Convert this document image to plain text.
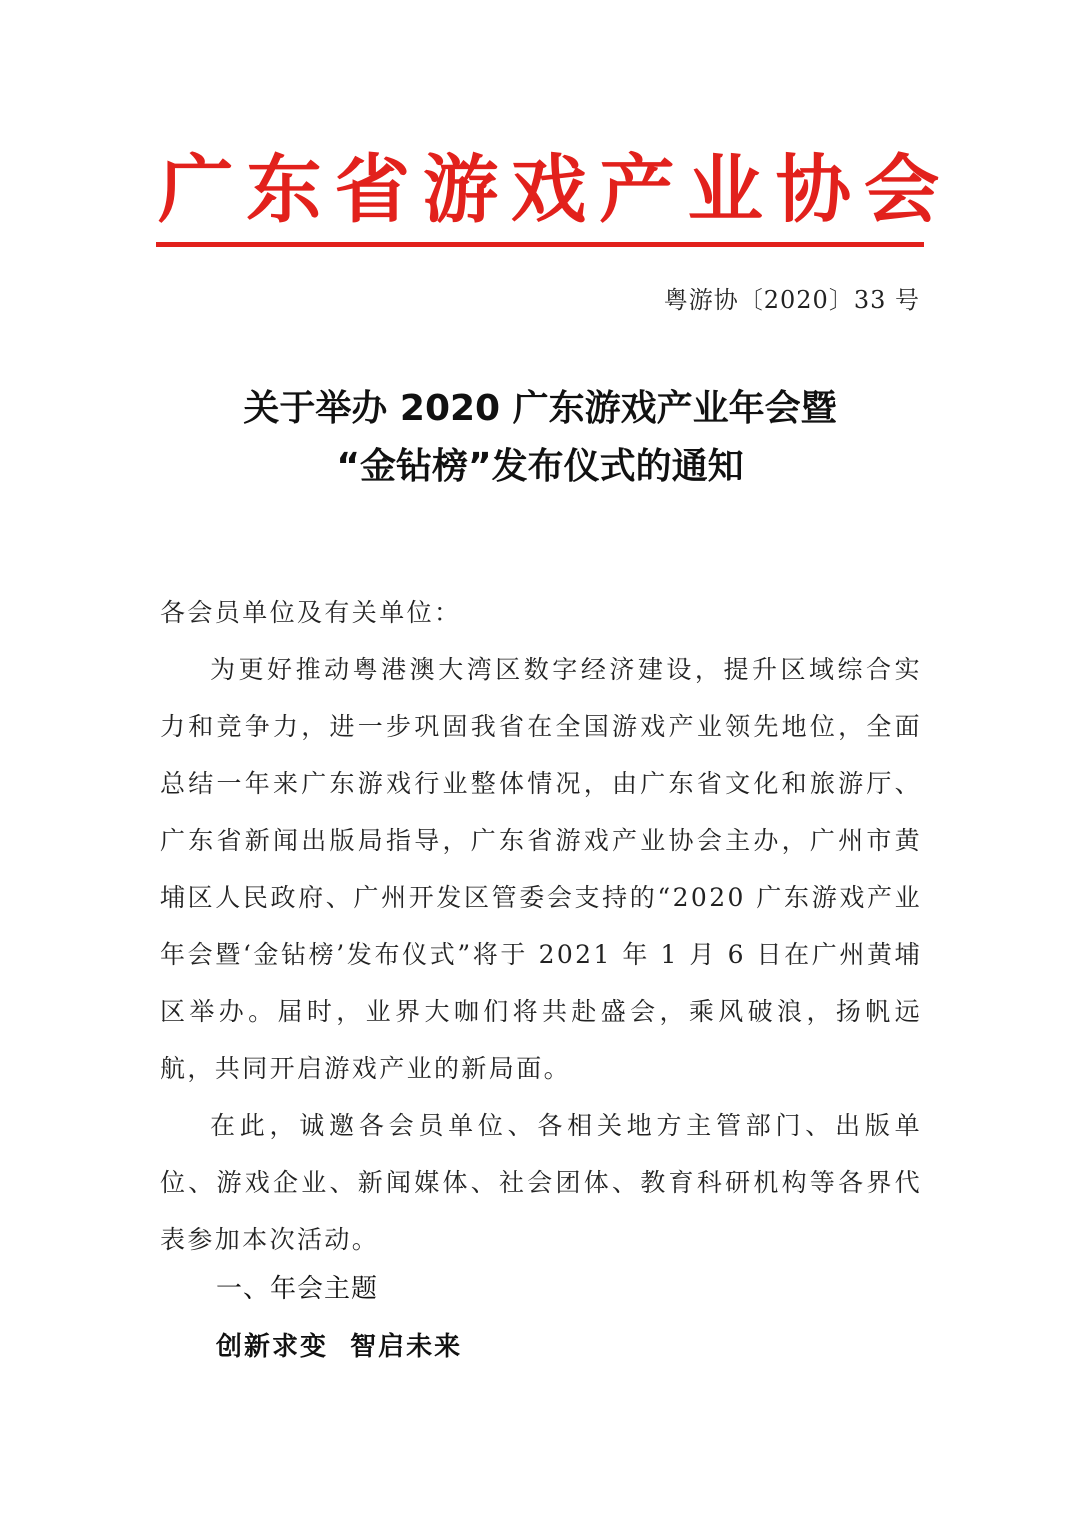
广 东 省 游 戏 产 业 协 会
粤游协〔2020〕33 号
关于举办 2020 广东游戏产业年会暨
“金钻榜”发布仪式的通知

各会员单位及有关单位：

为更好推动粤港澳大湾区数字经济建设，提升区域综合实力和竞争力，进一步巩固我省在全国游戏产业领先地位，全面总结一年来广东游戏行业整体情况，由广东省文化和旅游厅、广东省新闻出版局指导，广东省游戏产业协会主办，广州市黄埔区人民政府、广州开发区管委会支持的“2020 广东游戏产业年会暨‘金钻榜’发布仪式”将于 2021 年 1 月 6 日在广州黄埔区举办。届时，业界大咖们将共赴盛会，乘风破浪，扬帆远航，共同开启游戏产业的新局面。

在此，诚邀各会员单位、各相关地方主管部门、出版单位、游戏企业、新闻媒体、社会团体、教育科研机构等各界代表参加本次活动。

一、年会主题
创新求变  智启未来
